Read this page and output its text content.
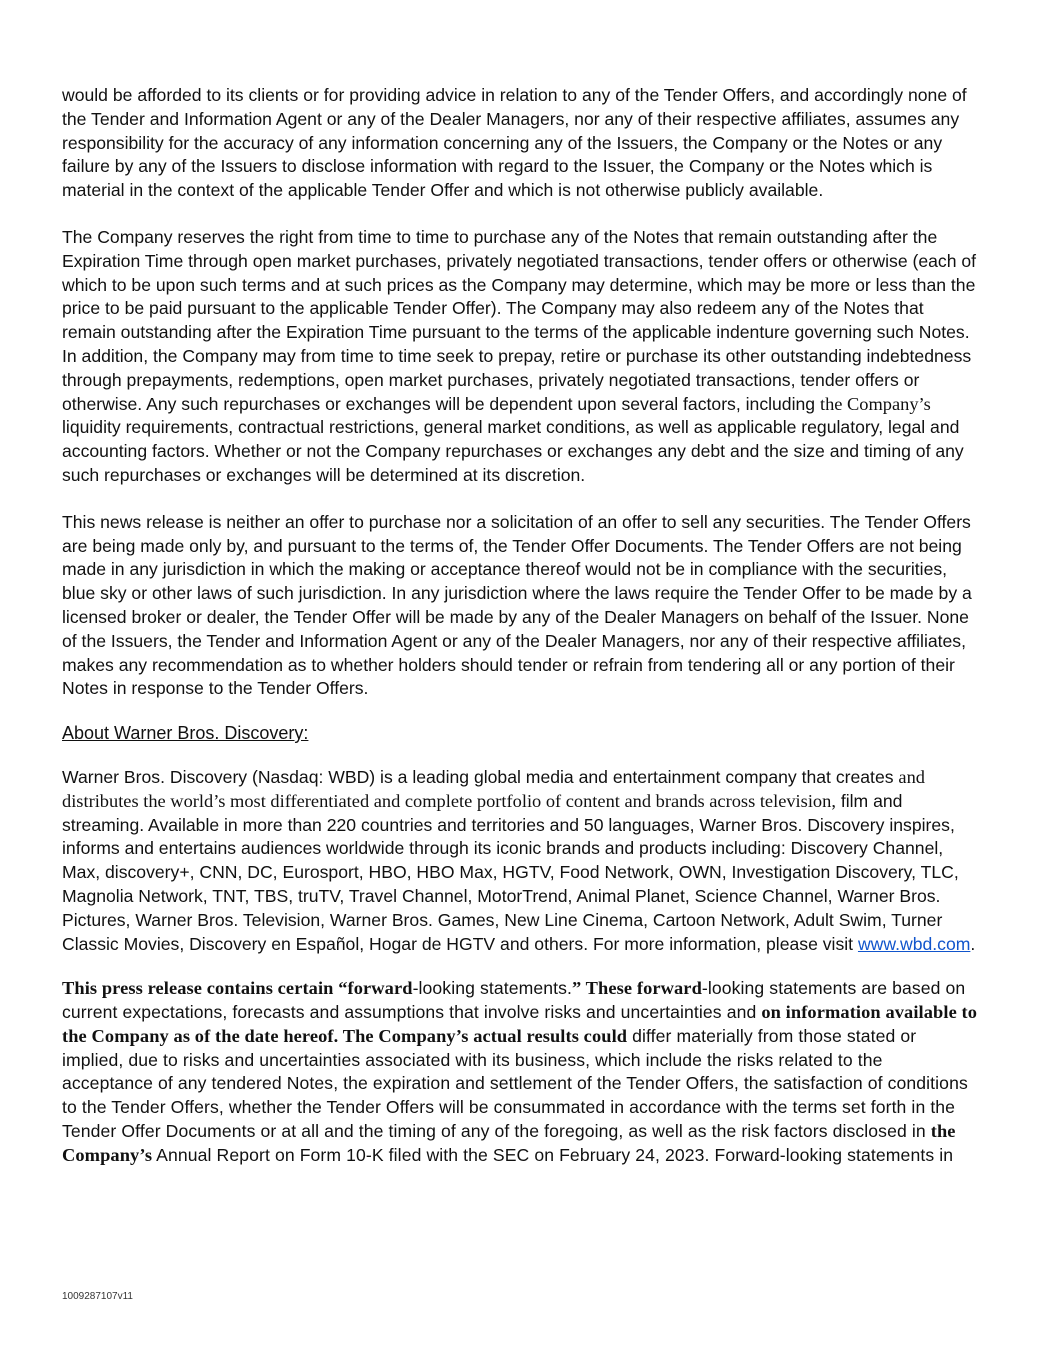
would be afforded to its clients or for providing advice in relation to any of the Tender Offers, and accordingly none of the Tender and Information Agent or any of the Dealer Managers, nor any of their respective affiliates, assumes any responsibility for the accuracy of any information concerning any of the Issuers, the Company or the Notes or any failure by any of the Issuers to disclose information with regard to the Issuer, the Company or the Notes which is material in the context of the applicable Tender Offer and which is not otherwise publicly available.

The Company reserves the right from time to time to purchase any of the Notes that remain outstanding after the Expiration Time through open market purchases, privately negotiated transactions, tender offers or otherwise (each of which to be upon such terms and at such prices as the Company may determine, which may be more or less than the price to be paid pursuant to the applicable Tender Offer). The Company may also redeem any of the Notes that remain outstanding after the Expiration Time pursuant to the terms of the applicable indenture governing such Notes. In addition, the Company may from time to time seek to prepay, retire or purchase its other outstanding indebtedness through prepayments, redemptions, open market purchases, privately negotiated transactions, tender offers or otherwise. Any such repurchases or exchanges will be dependent upon several factors, including the Company’s liquidity requirements, contractual restrictions, general market conditions, as well as applicable regulatory, legal and accounting factors. Whether or not the Company repurchases or exchanges any debt and the size and timing of any such repurchases or exchanges will be determined at its discretion.

This news release is neither an offer to purchase nor a solicitation of an offer to sell any securities. The Tender Offers are being made only by, and pursuant to the terms of, the Tender Offer Documents. The Tender Offers are not being made in any jurisdiction in which the making or acceptance thereof would not be in compliance with the securities, blue sky or other laws of such jurisdiction. In any jurisdiction where the laws require the Tender Offer to be made by a licensed broker or dealer, the Tender Offer will be made by any of the Dealer Managers on behalf of the Issuer. None of the Issuers, the Tender and Information Agent or any of the Dealer Managers, nor any of their respective affiliates, makes any recommendation as to whether holders should tender or refrain from tendering all or any portion of their Notes in response to the Tender Offers.

About Warner Bros. Discovery:

Warner Bros. Discovery (Nasdaq: WBD) is a leading global media and entertainment company that creates and distributes the world’s most differentiated and complete portfolio of content and brands across television, film and streaming. Available in more than 220 countries and territories and 50 languages, Warner Bros. Discovery inspires, informs and entertains audiences worldwide through its iconic brands and products including: Discovery Channel, Max, discovery+, CNN, DC, Eurosport, HBO, HBO Max, HGTV, Food Network, OWN, Investigation Discovery, TLC, Magnolia Network, TNT, TBS, truTV, Travel Channel, MotorTrend, Animal Planet, Science Channel, Warner Bros. Pictures, Warner Bros. Television, Warner Bros. Games, New Line Cinema, Cartoon Network, Adult Swim, Turner Classic Movies, Discovery en Español, Hogar de HGTV and others. For more information, please visit www.wbd.com.

This press release contains certain “forward-looking statements.” These forward-looking statements are based on current expectations, forecasts and assumptions that involve risks and uncertainties and on information available to the Company as of the date hereof. The Company’s actual results could differ materially from those stated or implied, due to risks and uncertainties associated with its business, which include the risks related to the acceptance of any tendered Notes, the expiration and settlement of the Tender Offers, the satisfaction of conditions to the Tender Offers, whether the Tender Offers will be consummated in accordance with the terms set forth in the Tender Offer Documents or at all and the timing of any of the foregoing, as well as the risk factors disclosed in the Company’s Annual Report on Form 10-K filed with the SEC on February 24, 2023. Forward-looking statements in

1009287107v11
